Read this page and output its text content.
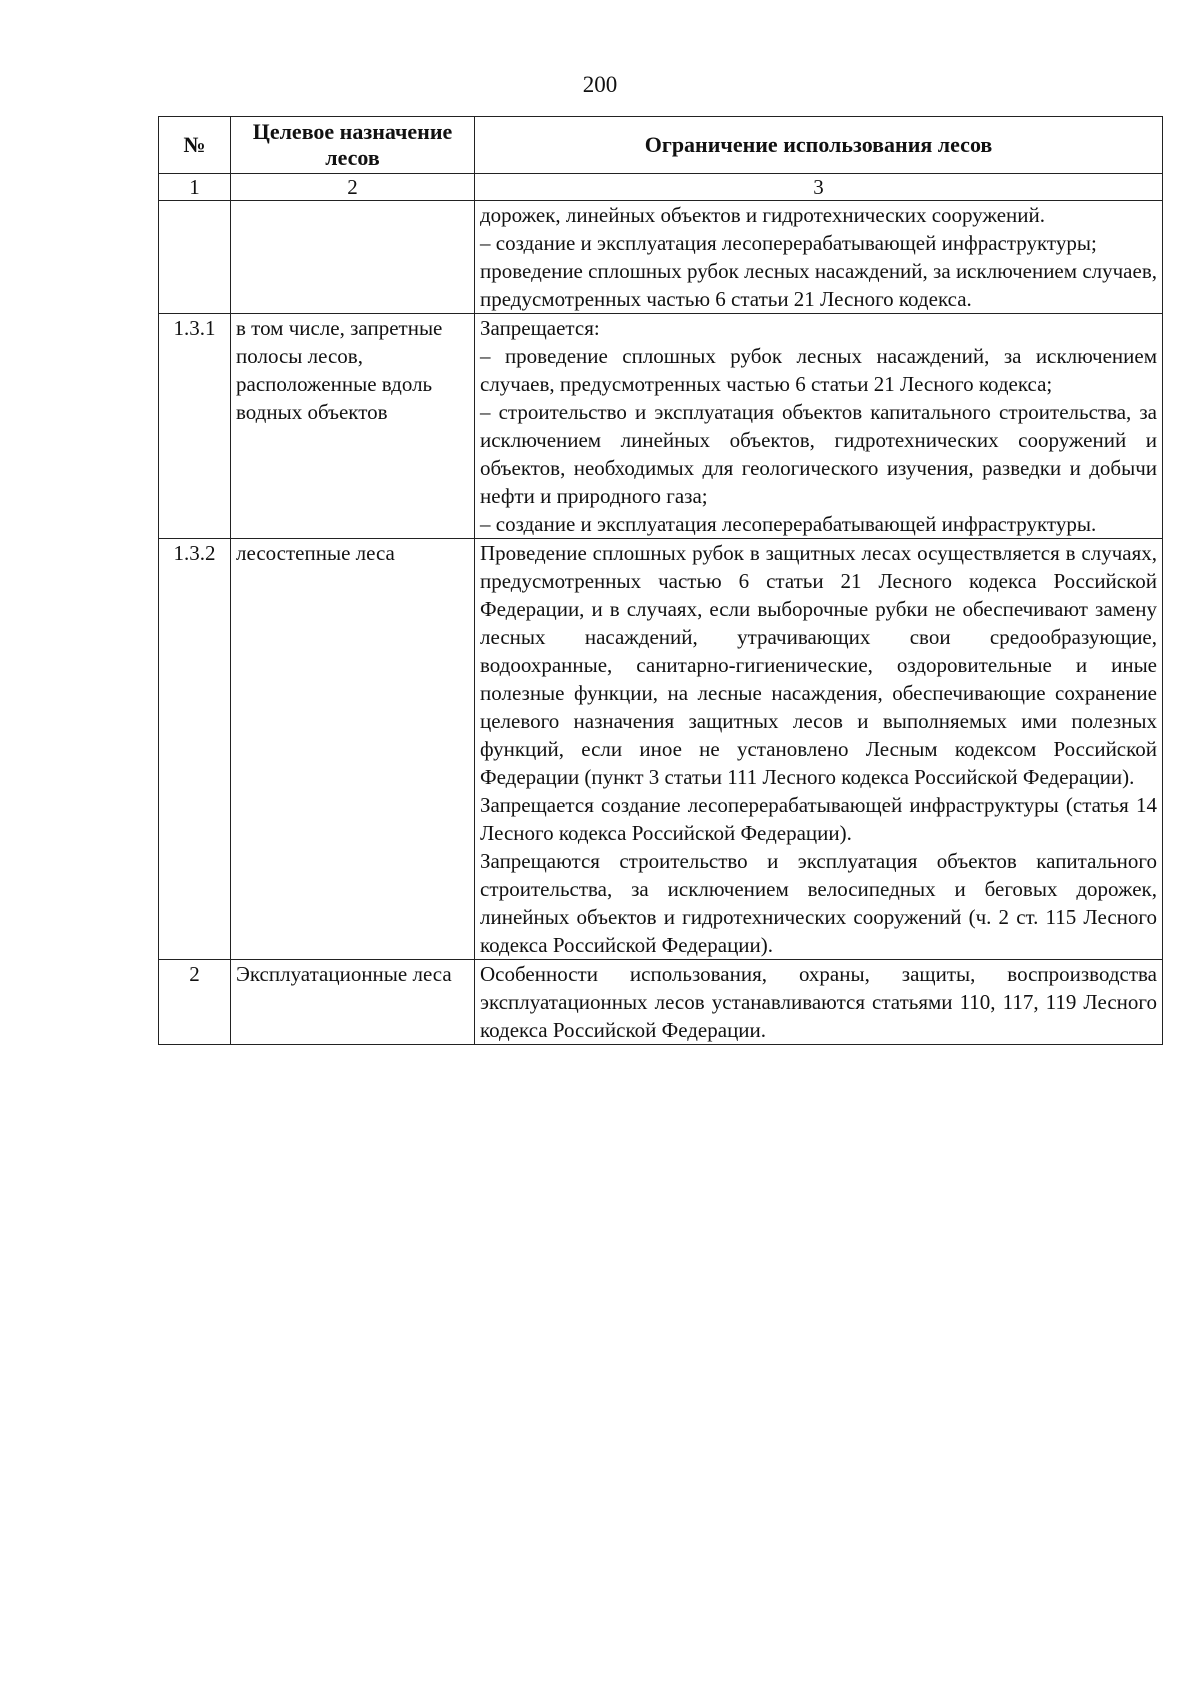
200
№	Целевое назначение лесов	Ограничение использования лесов
1	2	3

		дорожек, линейных объектов и гидротехнических сооружений.

– создание и эксплуатация лесоперерабатывающей инфраструктуры;

проведение сплошных рубок лесных насаждений, за исключением случаев, предусмотренных частью 6 статьи 21 Лесного кодекса.

1.3.1	в том числе, запретные полосы лесов, расположенные вдоль водных объектов	Запрещается:

– проведение сплошных рубок лесных насаждений, за исключением случаев, предусмотренных частью 6 статьи 21 Лесного кодекса;

– строительство и эксплуатация объектов капитального строительства, за исключением линейных объектов, гидротехнических сооружений и объектов, необходимых для геологического изучения, разведки и добычи нефти и природного газа;

– создание и эксплуатация лесоперерабатывающей инфраструктуры.

1.3.2	лесостепные леса	Проведение сплошных рубок в защитных лесах осуществляется в случаях, предусмотренных частью 6 статьи 21 Лесного кодекса Российской Федерации, и в случаях, если выборочные рубки не обеспечивают замену лесных насаждений, утрачивающих свои средообразующие, водоохранные, санитарно-гигиенические, оздоровительные и иные полезные функции, на лесные насаждения, обеспечивающие сохранение целевого назначения защитных лесов и выполняемых ими полезных функций, если иное не установлено Лесным кодексом Российской Федерации (пункт 3 статьи 111 Лесного кодекса Российской Федерации).

Запрещается создание лесоперерабатывающей инфраструктуры (статья 14 Лесного кодекса Российской Федерации).

Запрещаются строительство и эксплуатация объектов капитального строительства, за исключением велосипедных и беговых дорожек, линейных объектов и гидротехнических сооружений (ч. 2 ст. 115 Лесного кодекса Российской Федерации).

2	Эксплуатационные леса	Особенности использования, охраны, защиты, воспроизводства эксплуатационных лесов устанавливаются статьями 110, 117, 119 Лесного кодекса Российской Федерации.
